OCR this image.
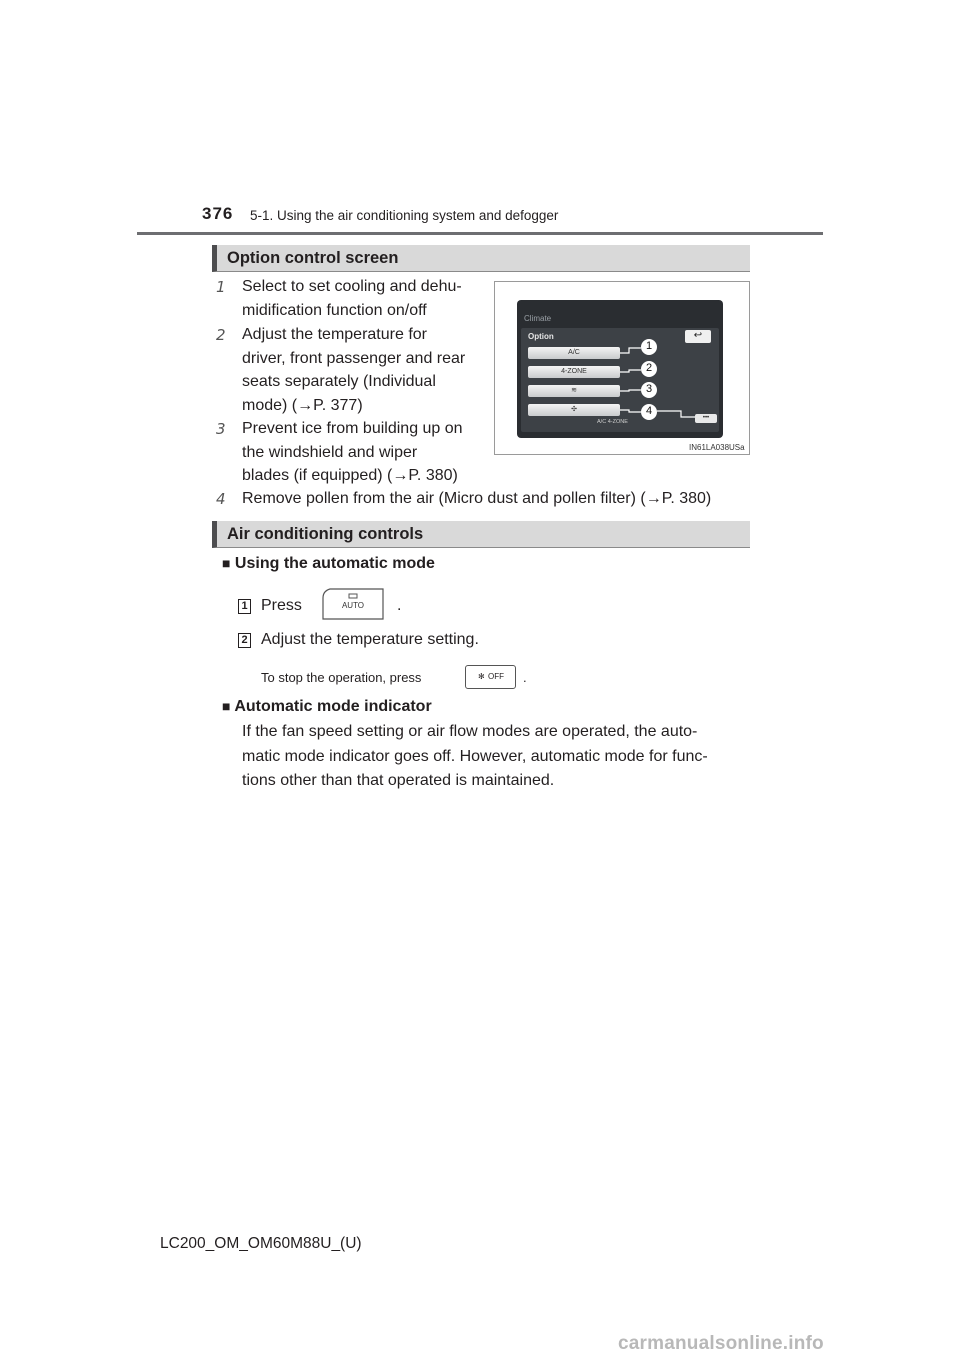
376 5-1. Using the air conditioning system and defogger
Option control screen
1 Select to set cooling and dehu-
midification function on/off
2 Adjust the temperature for
driver, front passenger and rear
seats separately (Individual
mode) (→P. 377)
3 Prevent ice from building up on
the windshield and wiper
blades (if equipped) (→P. 380)
4 Remove pollen from the air (Micro dust and pollen filter) (→P. 380)
Climate
Option	↩
A/C
4-ZONE
≋
✣
1
2
3
4
A/C 4-ZONE
•••
IN61LA038USa
Air conditioning controls
■ Using the automatic mode
1 Press	AUTO	.
2 Adjust the temperature setting.
To stop the operation, press	✻ OFF .
■ Automatic mode indicator
If the fan speed setting or air flow modes are operated, the auto-
matic mode indicator goes off. However, automatic mode for func-
tions other than that operated is maintained.
LC200_OM_OM60M88U_(U)
carmanualsonline.info
